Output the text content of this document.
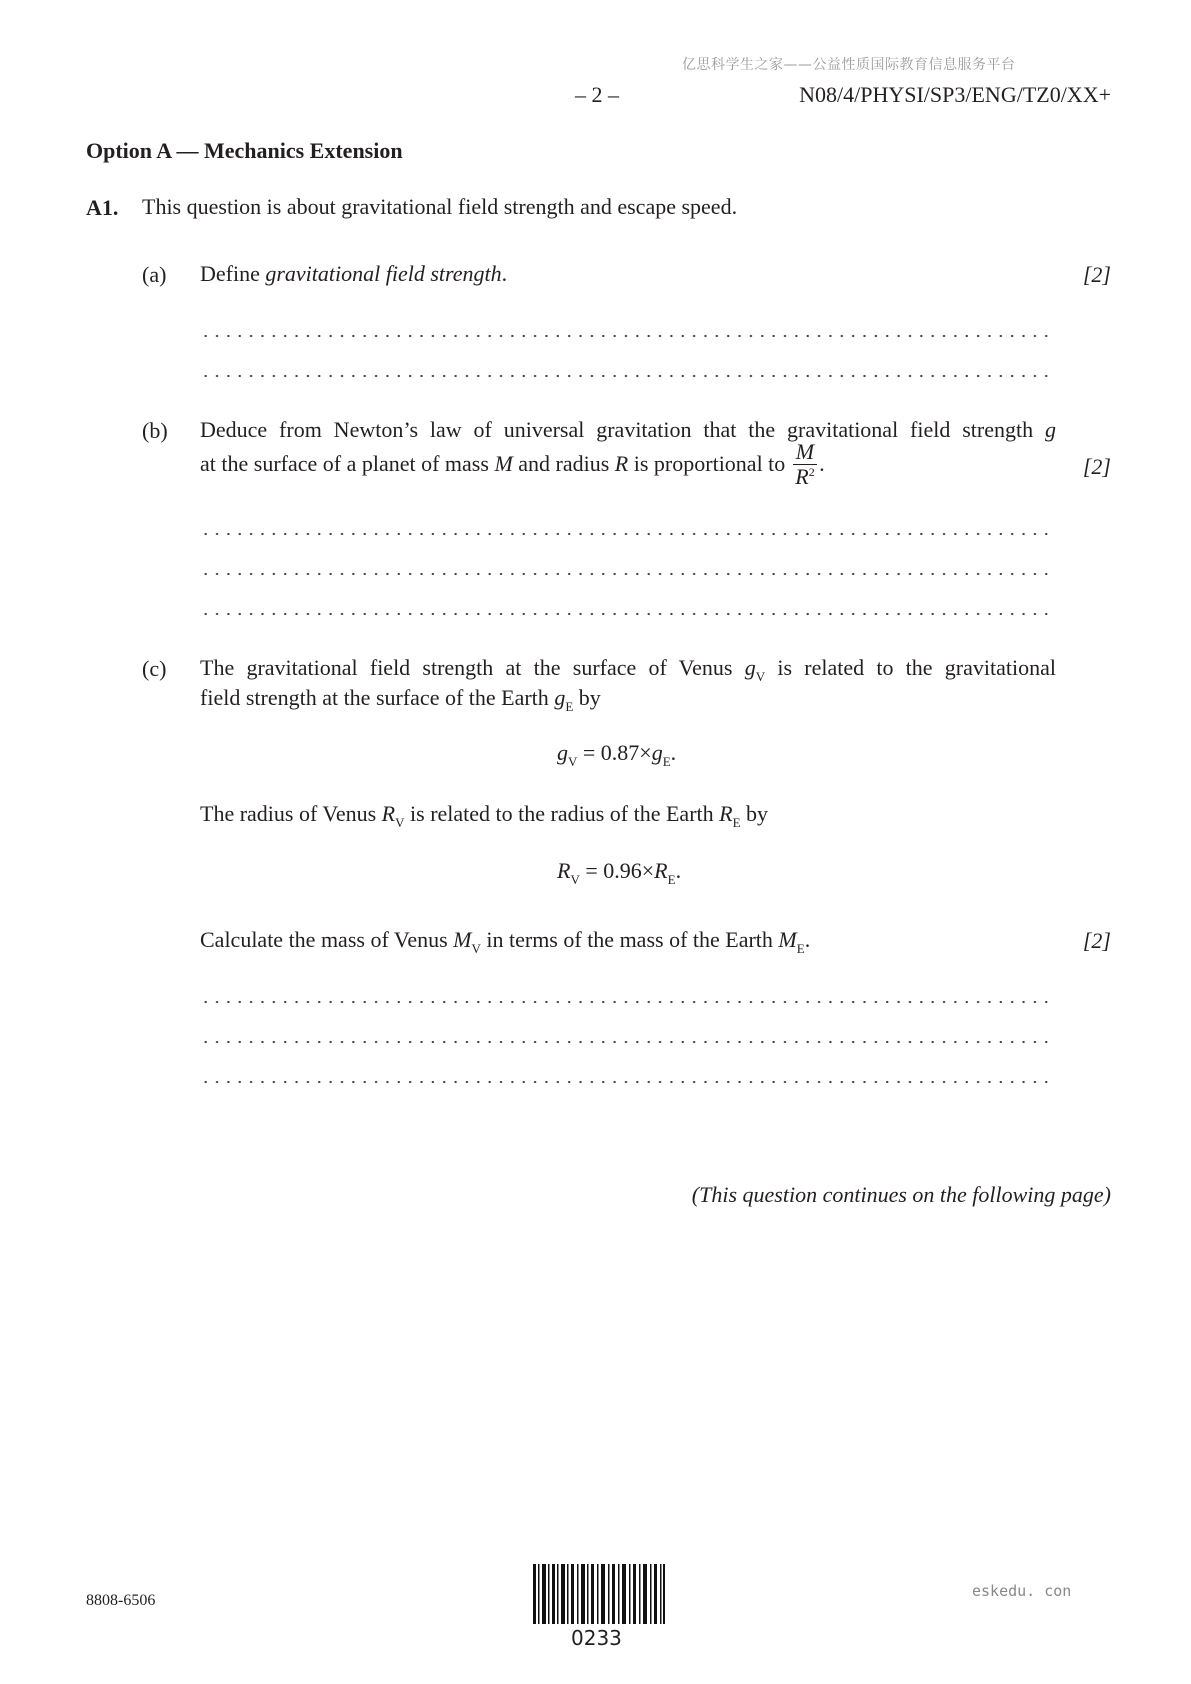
亿思科学生之家——公益性质国际教育信息服务平台
– 2 –	N08/4/PHYSI/SP3/ENG/TZ0/XX+
Option A — Mechanics Extension
A1. This question is about gravitational field strength and escape speed.
(a) Define gravitational field strength.	[2]
(b) Deduce from Newton’s law of universal gravitation that the gravitational field strength g
at the surface of a planet of mass M and radius R is proportional to $\frac{M}{R^2}$ .	[2]
(c) The gravitational field strength at the surface of Venus $g_V$ is related to the gravitational
field strength at the surface of the Earth $g_E$ by
$g_V = 0.87\times g_E$.
The radius of Venus $R_V$ is related to the radius of the Earth $R_E$ by
$R_V = 0.96\times R_E$.
Calculate the mass of Venus $M_V$ in terms of the mass of the Earth $M_E$.	[2]
(This question continues on the following page)
8808-6506
0233
eskedu. con
